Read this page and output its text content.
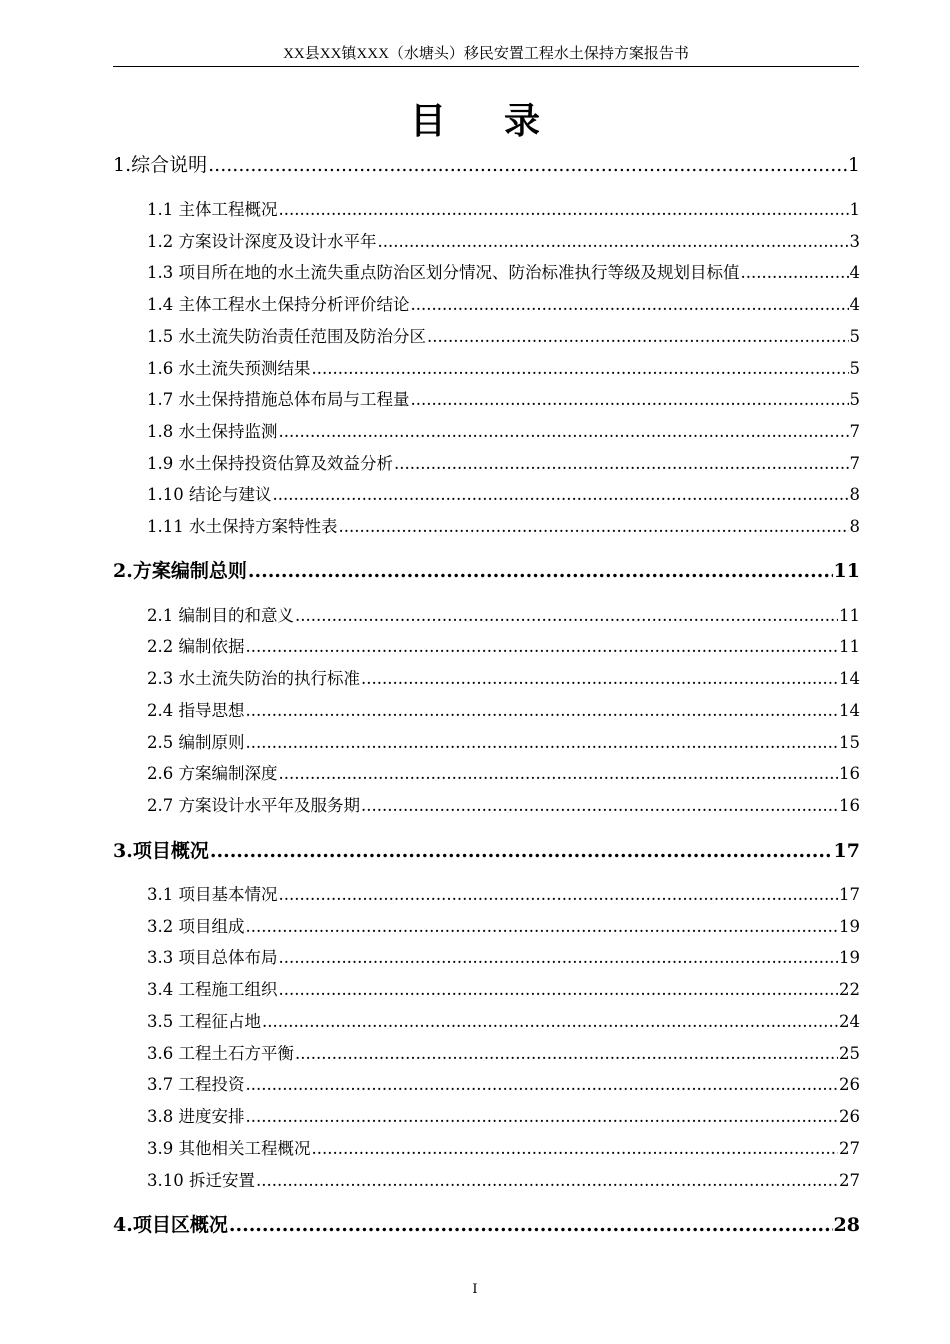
XX县XX镇XXX（水塘头）移民安置工程水土保持方案报告书
目录
1.综合说明 .....	1
1.1 主体工程概况 .....	1
1.2 方案设计深度及设计水平年 .....	3
1.3 项目所在地的水土流失重点防治区划分情况、防治标准执行等级及规划目标值 .....	4
1.4 主体工程水土保持分析评价结论 .....	4
1.5 水土流失防治责任范围及防治分区 .....	5
1.6 水土流失预测结果 .....	5
1.7 水土保持措施总体布局与工程量 .....	5
1.8 水土保持监测 .....	7
1.9 水土保持投资估算及效益分析 .....	7
1.10 结论与建议 .....	8
1.11 水土保持方案特性表 .....	8
2.方案编制总则 .....	11
2.1 编制目的和意义 .....	11
2.2 编制依据 .....	11
2.3 水土流失防治的执行标准 .....	14
2.4 指导思想 .....	14
2.5 编制原则 .....	15
2.6 方案编制深度 .....	16
2.7 方案设计水平年及服务期 .....	16
3.项目概况 .....	17
3.1 项目基本情况 .....	17
3.2 项目组成 .....	19
3.3 项目总体布局 .....	19
3.4 工程施工组织 .....	22
3.5 工程征占地 .....	24
3.6 工程土石方平衡 .....	25
3.7 工程投资 .....	26
3.8 进度安排 .....	26
3.9 其他相关工程概况 .....	27
3.10 拆迁安置 .....	27
4.项目区概况 .....	28
I
